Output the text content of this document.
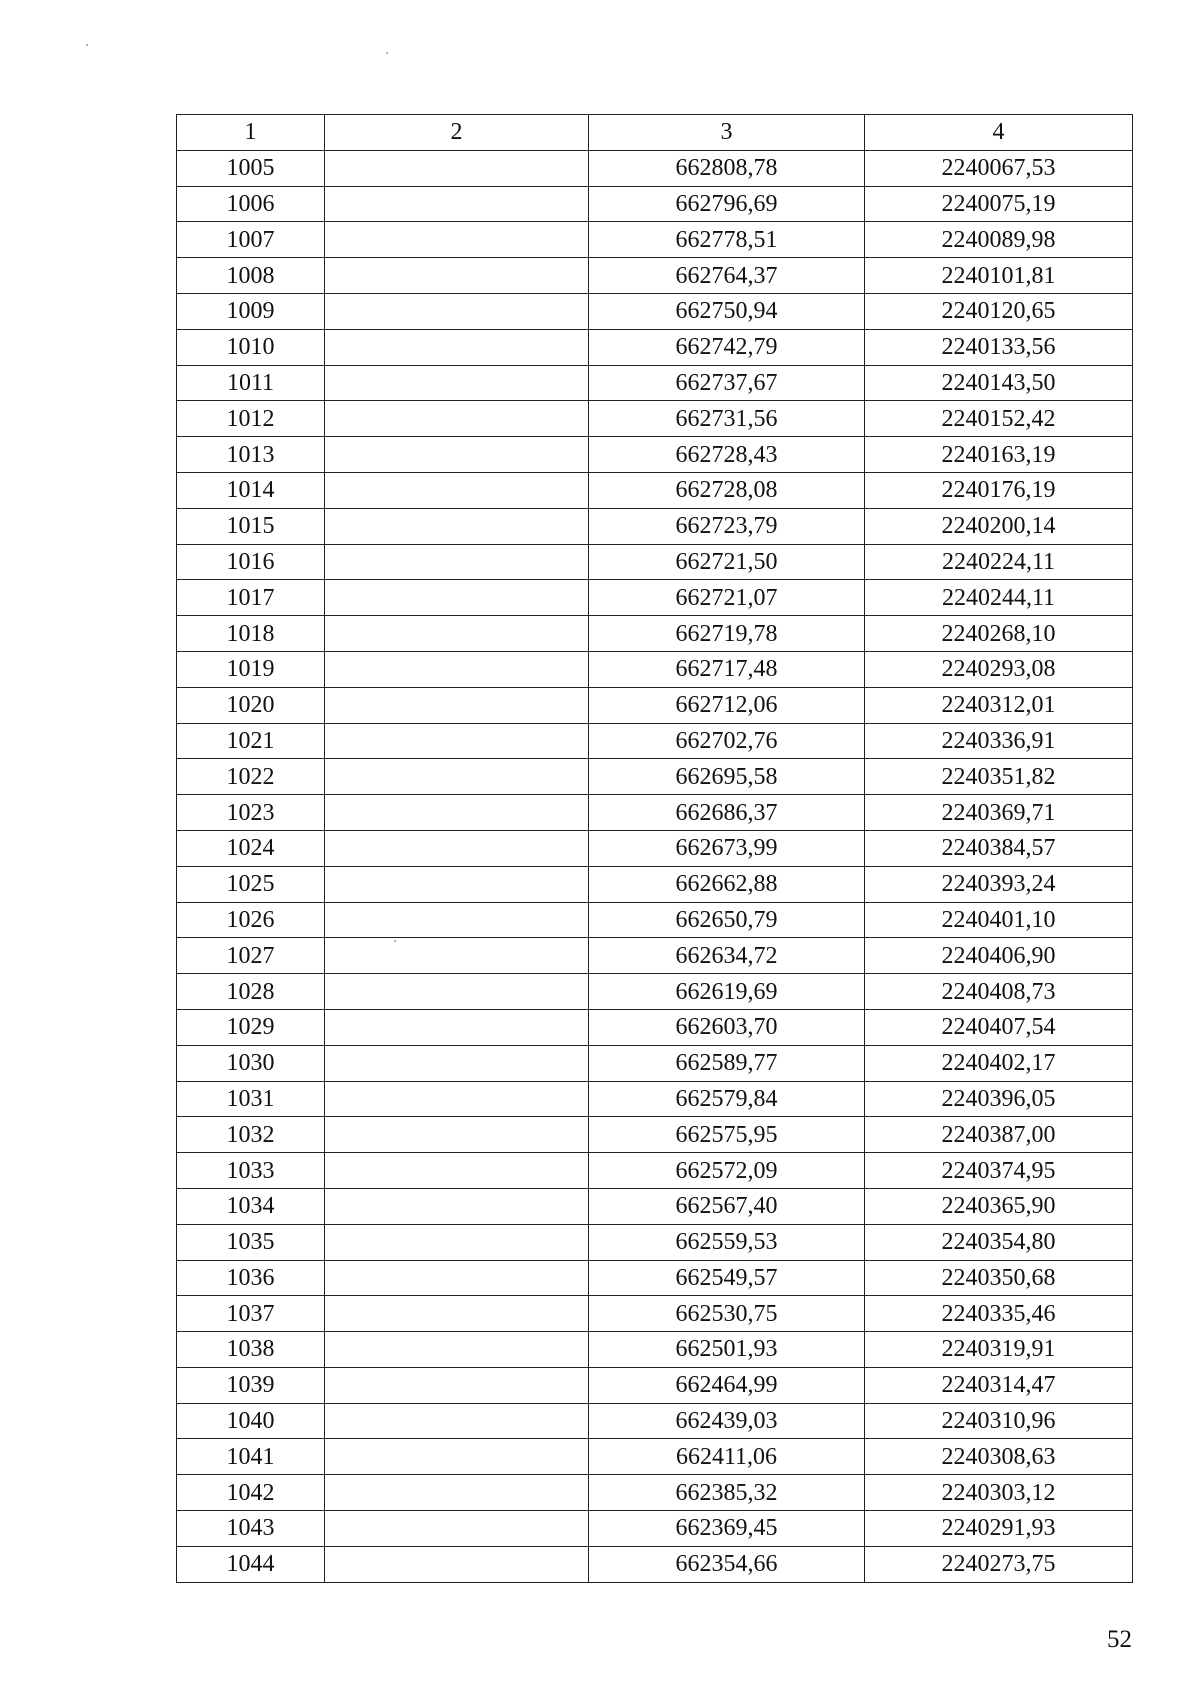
1	2	3	4
1005		662808,78	2240067,53
1006		662796,69	2240075,19
1007		662778,51	2240089,98
1008		662764,37	2240101,81
1009		662750,94	2240120,65
1010		662742,79	2240133,56
1011		662737,67	2240143,50
1012		662731,56	2240152,42
1013		662728,43	2240163,19
1014		662728,08	2240176,19
1015		662723,79	2240200,14
1016		662721,50	2240224,11
1017		662721,07	2240244,11
1018		662719,78	2240268,10
1019		662717,48	2240293,08
1020		662712,06	2240312,01
1021		662702,76	2240336,91
1022		662695,58	2240351,82
1023		662686,37	2240369,71
1024		662673,99	2240384,57
1025		662662,88	2240393,24
1026		662650,79	2240401,10
1027		662634,72	2240406,90
1028		662619,69	2240408,73
1029		662603,70	2240407,54
1030		662589,77	2240402,17
1031		662579,84	2240396,05
1032		662575,95	2240387,00
1033		662572,09	2240374,95
1034		662567,40	2240365,90
1035		662559,53	2240354,80
1036		662549,57	2240350,68
1037		662530,75	2240335,46
1038		662501,93	2240319,91
1039		662464,99	2240314,47
1040		662439,03	2240310,96
1041		662411,06	2240308,63
1042		662385,32	2240303,12
1043		662369,45	2240291,93
1044		662354,66	2240273,75
52
